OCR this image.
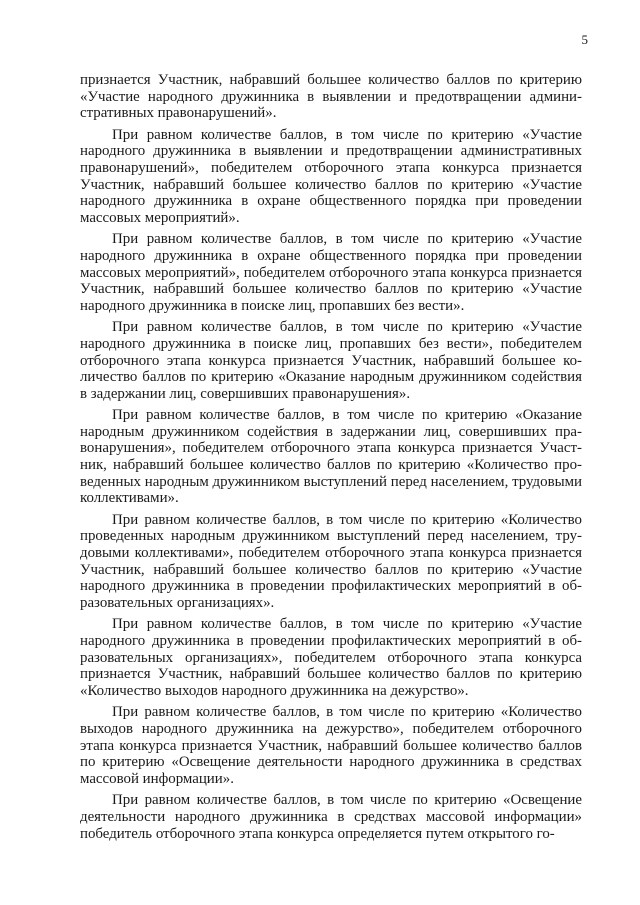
5

признается Участник, набравший большее количество баллов по критерию «Участие народного дружинника в выявлении и предотвращении административных правонарушений».

При равном количестве баллов, в том числе по критерию «Участие народного дружинника в выявлении и предотвращении административных правонарушений», победителем отборочного этапа конкурса признается Участник, набравший большее количество баллов по критерию «Участие народного дружинника в охране общественного порядка при проведении массовых мероприятий».

При равном количестве баллов, в том числе по критерию «Участие народного дружинника в охране общественного порядка при проведении массовых мероприятий», победителем отборочного этапа конкурса признается Участник, набравший большее количество баллов по критерию «Участие народного дружинника в поиске лиц, пропавших без вести».

При равном количестве баллов, в том числе по критерию «Участие народного дружинника в поиске лиц, пропавших без вести», победителем отборочного этапа конкурса признается Участник, набравший большее количество баллов по критерию «Оказание народным дружинником содействия в задержании лиц, совершивших правонарушения».

При равном количестве баллов, в том числе по критерию «Оказание народным дружинником содействия в задержании лиц, совершивших правонарушения», победителем отборочного этапа конкурса признается Участник, набравший большее количество баллов по критерию «Количество проведенных народным дружинником выступлений перед населением, трудовыми коллективами».

При равном количестве баллов, в том числе по критерию «Количество проведенных народным дружинником выступлений перед населением, трудовыми коллективами», победителем отборочного этапа конкурса признается Участник, набравший большее количество баллов по критерию «Участие народного дружинника в проведении профилактических мероприятий в образовательных организациях».

При равном количестве баллов, в том числе по критерию «Участие народного дружинника в проведении профилактических мероприятий в образовательных организациях», победителем отборочного этапа конкурса признается Участник, набравший большее количество баллов по критерию «Количество выходов народного дружинника на дежурство».

При равном количестве баллов, в том числе по критерию «Количество выходов народного дружинника на дежурство», победителем отборочного этапа конкурса признается Участник, набравший большее количество баллов по критерию «Освещение деятельности народного дружинника в средствах массовой информации».

При равном количестве баллов, в том числе по критерию «Освещение деятельности народного дружинника в средствах массовой информации» победитель отборочного этапа конкурса определяется путем открытого го-
